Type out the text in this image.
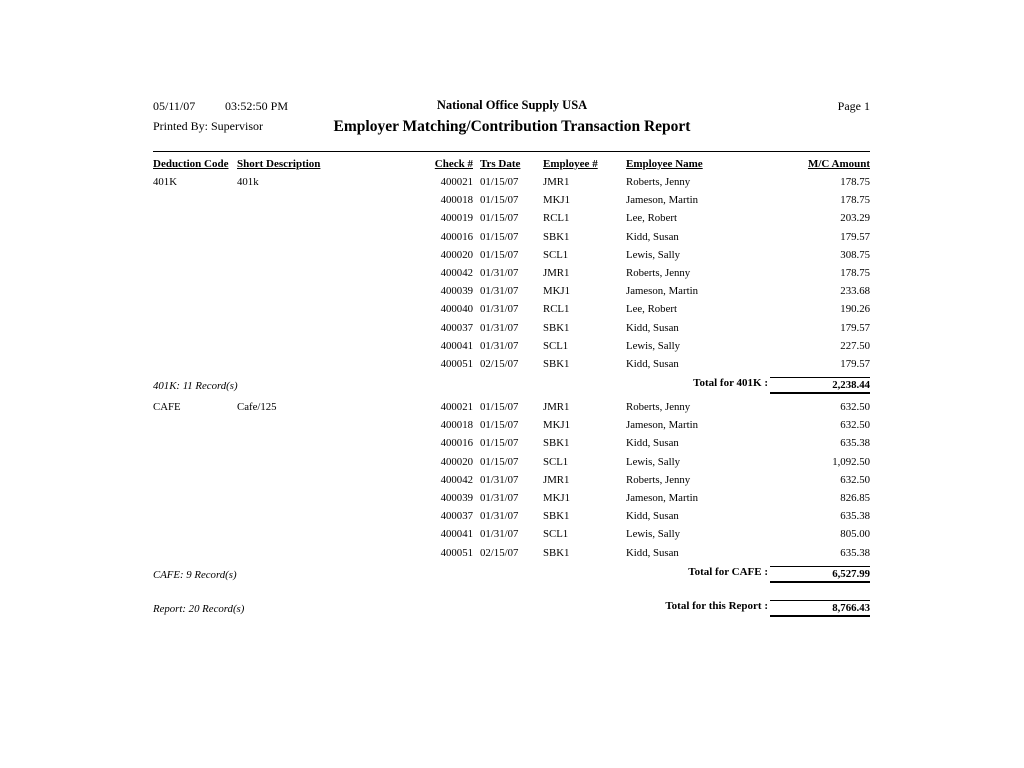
05/11/07 03:52:50 PM	National Office Supply USA	Page 1
Printed By: Supervisor	Employer Matching/Contribution Transaction Report
Deduction Code Short Description	Check # Trs Date Employee #	Employee Name	M/C Amount
401K	401k	400021 01/15/07 JMR1	Roberts, Jenny	178.75
400018 01/15/07 MKJ1	Jameson, Martin	178.75
400019 01/15/07 RCL1	Lee, Robert	203.29
400016 01/15/07 SBK1	Kidd, Susan	179.57
400020 01/15/07 SCL1	Lewis, Sally	308.75
400042 01/31/07 JMR1	Roberts, Jenny	178.75
400039 01/31/07 MKJ1	Jameson, Martin	233.68
400040 01/31/07 RCL1	Lee, Robert	190.26
400037 01/31/07 SBK1	Kidd, Susan	179.57
400041 01/31/07 SCL1	Lewis, Sally	227.50
400051 02/15/07 SBK1	Kidd, Susan	179.57
401K: 11 Record(s)	Total for 401K :	2,238.44
CAFE	Cafe/125	400021 01/15/07 JMR1	Roberts, Jenny	632.50
400018 01/15/07 MKJ1	Jameson, Martin	632.50
400016 01/15/07 SBK1	Kidd, Susan	635.38
400020 01/15/07 SCL1	Lewis, Sally	1,092.50
400042 01/31/07 JMR1	Roberts, Jenny	632.50
400039 01/31/07 MKJ1	Jameson, Martin	826.85
400037 01/31/07 SBK1	Kidd, Susan	635.38
400041 01/31/07 SCL1	Lewis, Sally	805.00
400051 02/15/07 SBK1	Kidd, Susan	635.38
CAFE: 9 Record(s)	Total for CAFE :	6,527.99
Report: 20 Record(s)	Total for this Report :	8,766.43
